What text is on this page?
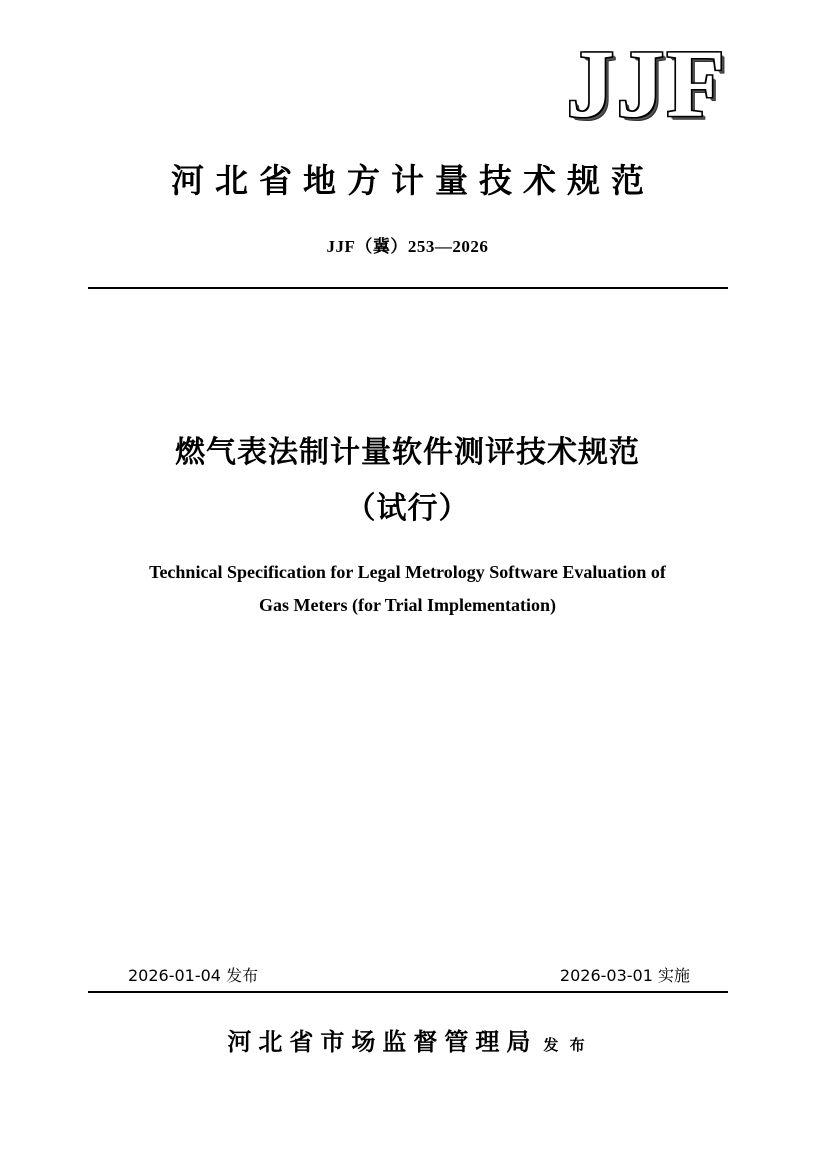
JJF
河北省地方计量技术规范
JJF（冀）253—2026
燃气表法制计量软件测评技术规范
（试行）
Technical Specification for Legal Metrology Software Evaluation of
Gas Meters (for Trial Implementation)
2026-01-04 发布	2026-03-01 实施
河北省市场监督管理局 发 布
